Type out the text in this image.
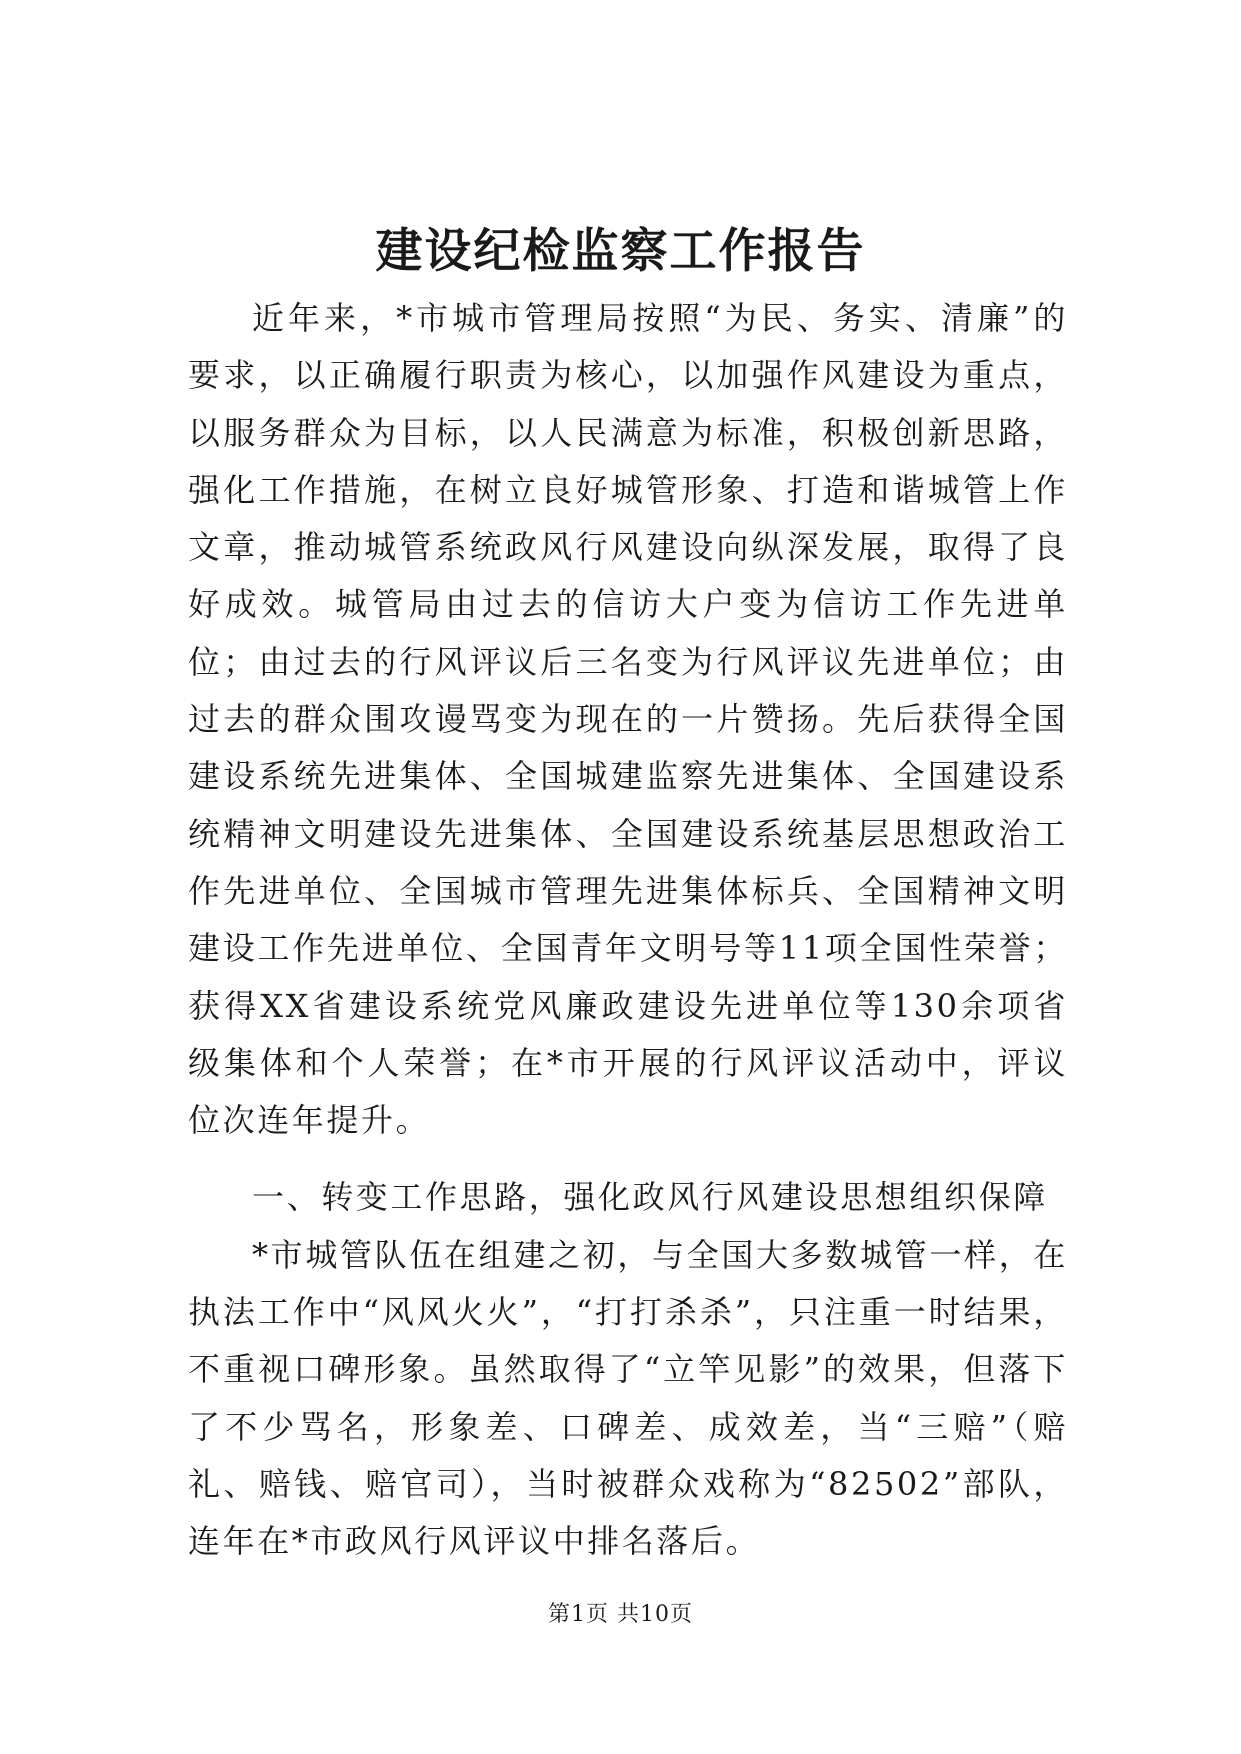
建设纪检监察工作报告

近年来，*市城市管理局按照“为民、务实、清廉”的要求，以正确履行职责为核心，以加强作风建设为重点，以服务群众为目标，以人民满意为标准，积极创新思路，强化工作措施，在树立良好城管形象、打造和谐城管上作文章，推动城管系统政风行风建设向纵深发展，取得了良好成效。城管局由过去的信访大户变为信访工作先进单位；由过去的行风评议后三名变为行风评议先进单位；由过去的群众围攻谩骂变为现在的一片赞扬。先后获得全国建设系统先进集体、全国城建监察先进集体、全国建设系统精神文明建设先进集体、全国建设系统基层思想政治工作先进单位、全国城市管理先进集体标兵、全国精神文明建设工作先进单位、全国青年文明号等11项全国性荣誉；获得XX省建设系统党风廉政建设先进单位等130余项省级集体和个人荣誉；在*市开展的行风评议活动中，评议位次连年提升。

一、转变工作思路，强化政风行风建设思想组织保障

*市城管队伍在组建之初，与全国大多数城管一样，在执法工作中“风风火火”，“打打杀杀”，只注重一时结果，不重视口碑形象。虽然取得了“立竿见影”的效果，但落下了不少骂名，形象差、口碑差、成效差，当“三赔”（赔礼、赔钱、赔官司），当时被群众戏称为“82502”部队，连年在*市政风行风评议中排名落后。

第1页 共10页
